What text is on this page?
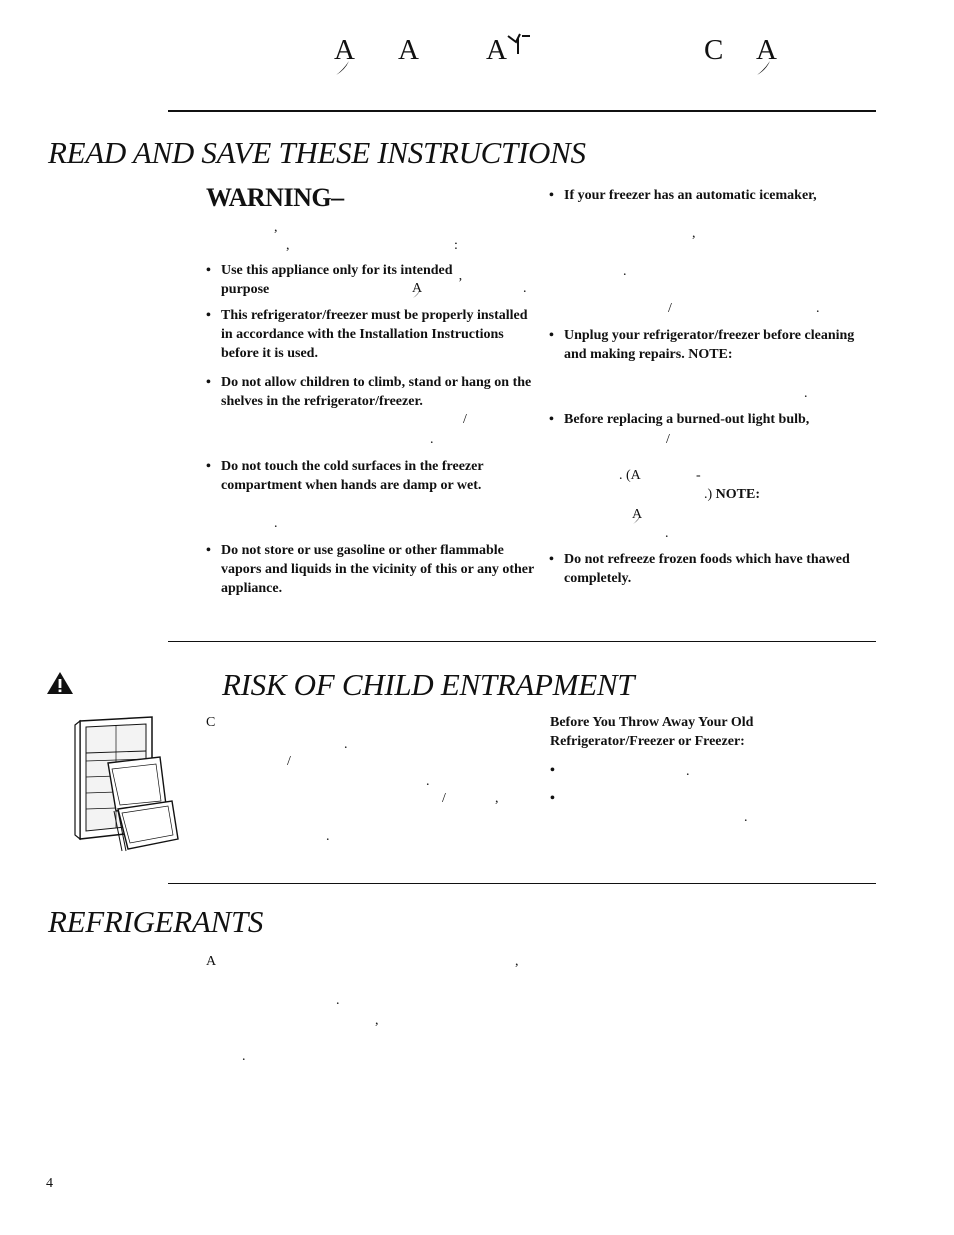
A A A	C A
READ AND SAVE THESE INSTRUCTIONS
WARNING–
,
,	:
• Use this appliance only for its intended
purpose	A	’	.
• This refrigerator/freezer must be properly installed in accordance with the Installation Instructions before it is used.
• Do not allow children to climb, stand or hang on the shelves in the refrigerator/freezer.
/
.
• Do not touch the cold surfaces in the freezer compartment when hands are damp or wet.
.
• Do not store or use gasoline or other flammable vapors and liquids in the vicinity of this or any other appliance.
• If your freezer has an automatic icemaker,
,
.
/	.
• Unplug your refrigerator/freezer before cleaning and making repairs. NOTE:
.
• Before replacing a burned-out light bulb,
/
. (A	-
.) NOTE:
A
.
• Do not refreeze frozen foods which have thawed completely.
RISK OF CHILD ENTRAPMENT
C
.
/
.
/	,
.
Before You Throw Away Your Old
Refrigerator/Freezer or Freezer:
•	.
•
.
REFRIGERANTS
A	,
.
,
.
4
